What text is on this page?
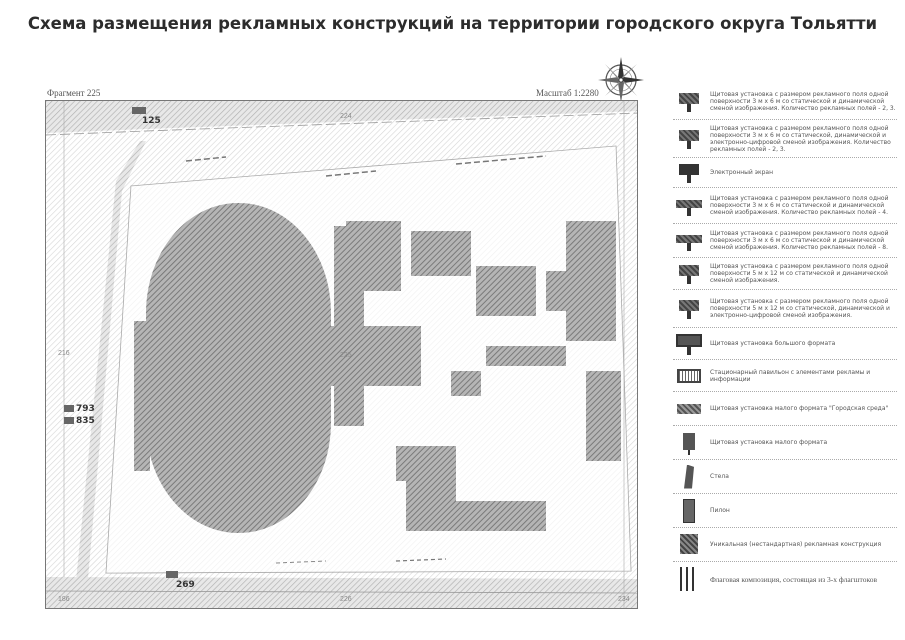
Схема размещения рекламных конструкций на территории городского округа Тольятти
Фрагмент 225	Масштаб 1:2280
224
216	225
186	226	234

125
793
835

269
Щитовая установка с размером рекламного поля одной поверхности 3 м х 6 м со статической и динамической сменой изображения. Количество рекламных полей - 2, 3.
Щитовая установка с размером рекламного поля одной поверхности 3 м х 6 м со статической, динамической и электронно-цифровой сменой изображения. Количество рекламных полей - 2, 3.
Электронный экран
Щитовая установка с размером рекламного поля одной поверхности 3 м х 6 м со статической и динамической сменой изображения. Количество рекламных полей - 4.
Щитовая установка с размером рекламного поля одной поверхности 3 м х 6 м со статической и динамической сменой изображения. Количество рекламных полей - 8.
Щитовая установка с размером рекламного поля одной поверхности 5 м х 12 м со статической и динамической сменой изображения.
Щитовая установка с размером рекламного поля одной поверхности 5 м х 12 м со статической, динамической и электронно-цифровой сменой изображения.
Щитовая установка большого формата
Стационарный павильон с элементами рекламы и информации
Щитовая установка малого формата "Городская среда"
Щитовая установка малого формата
Стела
Пилон
Уникальная (нестандартная) рекламная конструкция
Флаговая композиция, состоящая из 3-х флагштоков
